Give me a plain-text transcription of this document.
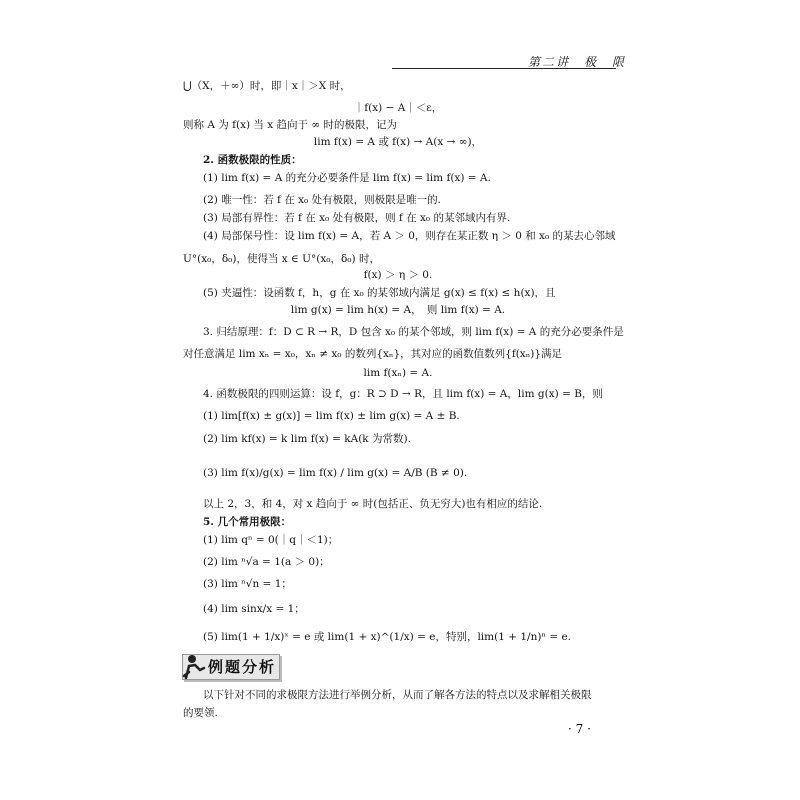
第二讲　极　限
⋃（X，＋∞）时，即｜x｜＞X 时，
｜f(x) − A｜＜ε，
则称 A 为 f(x) 当 x 趋向于 ∞ 时的极限，记为
lim f(x) = A 或 f(x) → A(x → ∞)，
2. 函数极限的性质：
(1) lim f(x) = A 的充分必要条件是 lim f(x) = lim f(x) = A.
(2) 唯一性：若 f 在 x₀ 处有极限，则极限是唯一的.
(3) 局部有界性：若 f 在 x₀ 处有极限，则 f 在 x₀ 的某邻域内有界.
(4) 局部保号性：设 lim f(x) = A，若 A ＞ 0，则存在某正数 η ＞ 0 和 x₀ 的某去心邻域
U°(x₀，δ₀)，使得当 x ∈ U°(x₀，δ₀) 时，
f(x) ＞ η ＞ 0.
(5) 夹逼性：设函数 f，h，g 在 x₀ 的某邻域内满足 g(x) ≤ f(x) ≤ h(x)，且
lim g(x) = lim h(x) = A，　则 lim f(x) = A.
3. 归结原理：f：D ⊂ R → R，D 包含 x₀ 的某个邻域，则 lim f(x) = A 的充分必要条件是
对任意满足 lim xₙ = x₀，xₙ ≠ x₀ 的数列{xₙ}，其对应的函数值数列{f(xₙ)}满足
lim f(xₙ) = A.
4. 函数极限的四则运算：设 f，g：R ⊃ D → R，且 lim f(x) = A，lim g(x) = B，则
(1) lim[f(x) ± g(x)] = lim f(x) ± lim g(x) = A ± B.
(2) lim kf(x) = k lim f(x) = kA(k 为常数).
(3) lim f(x)/g(x) = lim f(x) / lim g(x) = A/B (B ≠ 0).
以上 2，3，和 4，对 x 趋向于 ∞ 时(包括正、负无穷大)也有相应的结论.
5. 几个常用极限：
(1) lim qⁿ = 0(｜q｜＜1)；
(2) lim ⁿ√a = 1(a ＞ 0)；
(3) lim ⁿ√n = 1；
(4) lim sinx/x = 1；
(5) lim(1 + 1/x)ˣ = e 或 lim(1 + x)^(1/x) = e，特别，lim(1 + 1/n)ⁿ = e.
例题分析
以下针对不同的求极限方法进行举例分析，从而了解各方法的特点以及求解相关极限
的要领.
· 7 ·
